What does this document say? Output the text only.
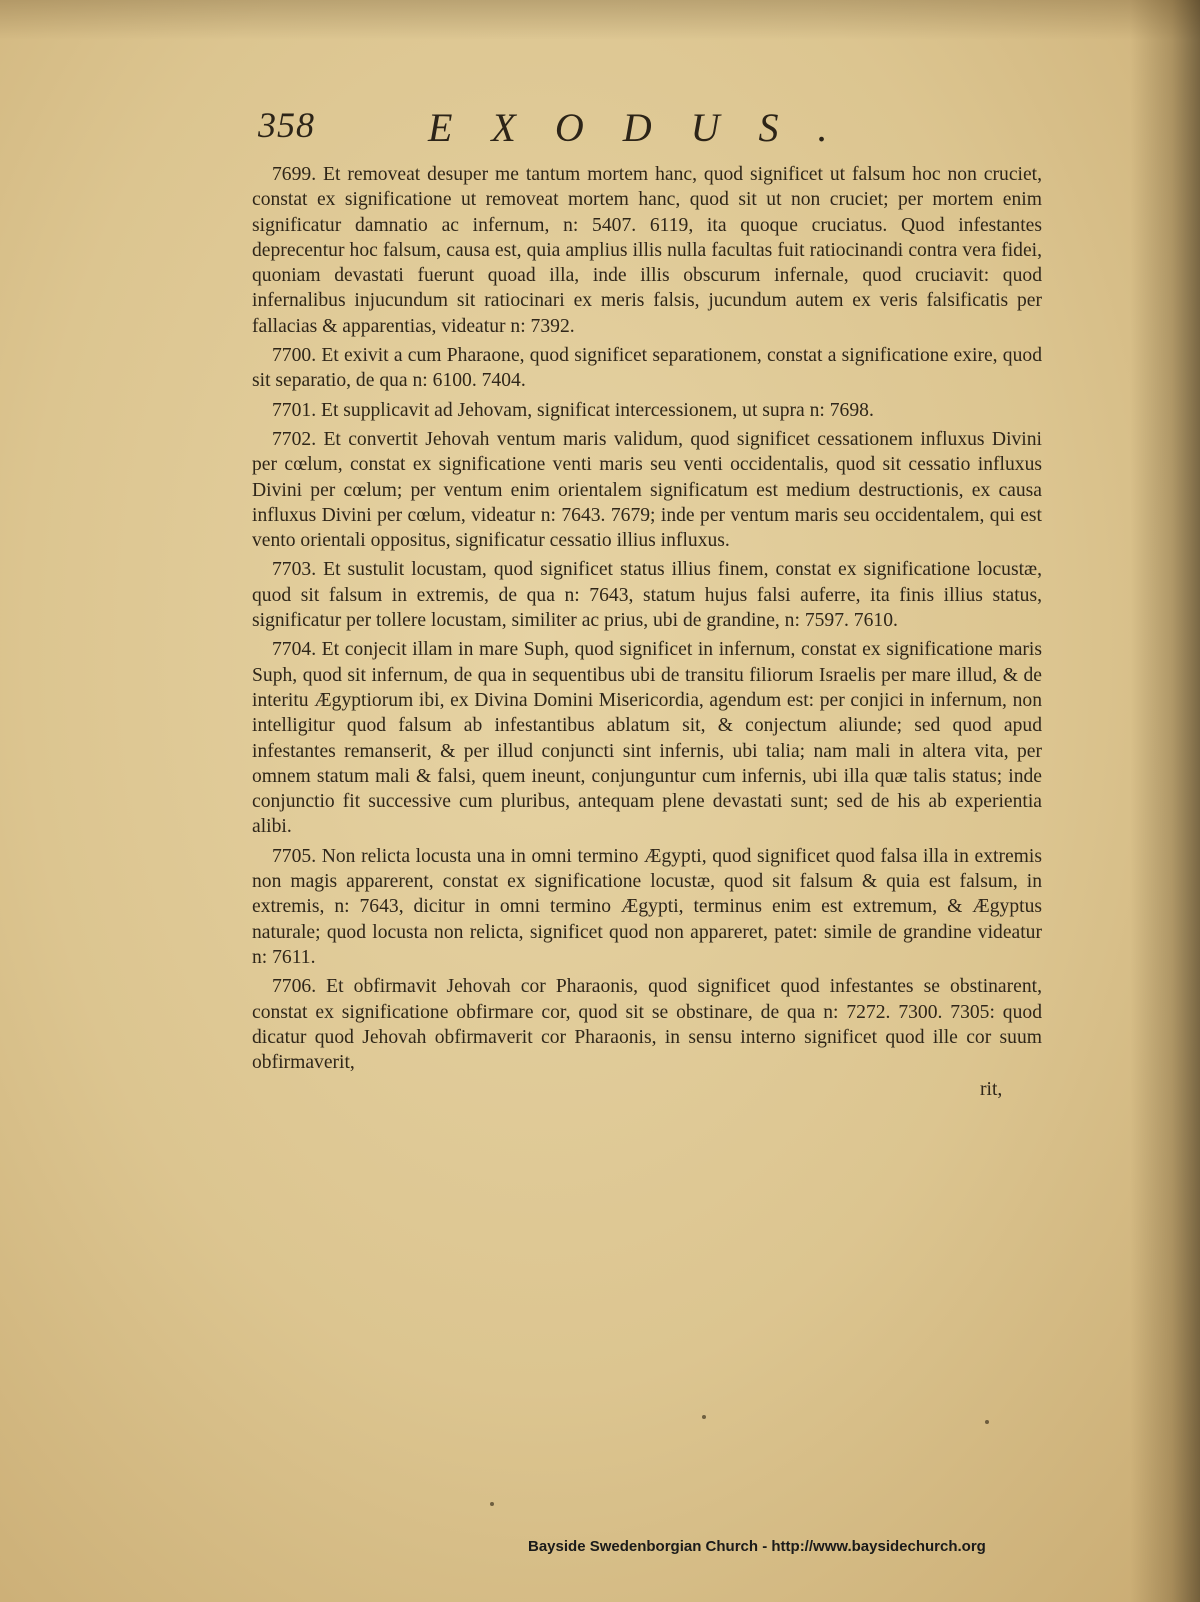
358	EXODUS.

7699. Et removeat desuper me tantum mortem hanc, quod significet ut falsum hoc non cruciet, constat ex significatione ut removeat mortem hanc, quod sit ut non cruciet; per mortem enim significatur damnatio ac infernum, n: 5407. 6119, ita quoque cruciatus. Quod infestantes deprecentur hoc falsum, causa est, quia amplius illis nulla facultas fuit ratiocinandi contra vera fidei, quoniam devastati fuerunt quoad illa, inde illis obscurum infernale, quod cruciavit: quod infernalibus injucundum sit ratiocinari ex meris falsis, jucundum autem ex veris falsificatis per fallacias & apparentias, videatur n: 7392.

7700. Et exivit a cum Pharaone, quod significet separationem, constat a significatione exire, quod sit separatio, de qua n: 6100. 7404.

7701. Et supplicavit ad Jehovam, significat intercessionem, ut supra n: 7698.

7702. Et convertit Jehovah ventum maris validum, quod significet cessationem influxus Divini per cœlum, constat ex significatione venti maris seu venti occidentalis, quod sit cessatio influxus Divini per cœlum; per ventum enim orientalem significatum est medium destructionis, ex causa influxus Divini per cœlum, videatur n: 7643. 7679; inde per ventum maris seu occidentalem, qui est vento orientali oppositus, significatur cessatio illius influxus.

7703. Et sustulit locustam, quod significet status illius finem, constat ex significatione locustæ, quod sit falsum in extremis, de qua n: 7643, statum hujus falsi auferre, ita finis illius status, significatur per tollere locustam, similiter ac prius, ubi de grandine, n: 7597. 7610.

7704. Et conjecit illam in mare Suph, quod significet in infernum, constat ex significatione maris Suph, quod sit infernum, de qua in sequentibus ubi de transitu filiorum Israelis per mare illud, & de interitu Ægyptiorum ibi, ex Divina Domini Misericordia, agendum est: per conjici in infernum, non intelligitur quod falsum ab infestantibus ablatum sit, & conjectum aliunde; sed quod apud infestantes remanserit, & per illud conjuncti sint infernis, ubi talia; nam mali in altera vita, per omnem statum mali & falsi, quem ineunt, conjunguntur cum infernis, ubi illa quæ talis status; inde conjunctio fit successive cum pluribus, antequam plene devastati sunt; sed de his ab experientia alibi.

7705. Non relicta locusta una in omni termino Ægypti, quod significet quod falsa illa in extremis non magis apparerent, constat ex significatione locustæ, quod sit falsum & quia est falsum, in extremis, n: 7643, dicitur in omni termino Ægypti, terminus enim est extremum, & Ægyptus naturale; quod locusta non relicta, significet quod non appareret, patet: simile de grandine videatur n: 7611.

7706. Et obfirmavit Jehovah cor Pharaonis, quod significet quod infestantes se obstinarent, constat ex significatione obfirmare cor, quod sit se obstinare, de qua n: 7272. 7300. 7305: quod dicatur quod Jehovah obfirmaverit cor Pharaonis, in sensu interno significet quod ille cor suum obfirmaverit,

rit,
Bayside Swedenborgian Church - http://www.baysidechurch.org
